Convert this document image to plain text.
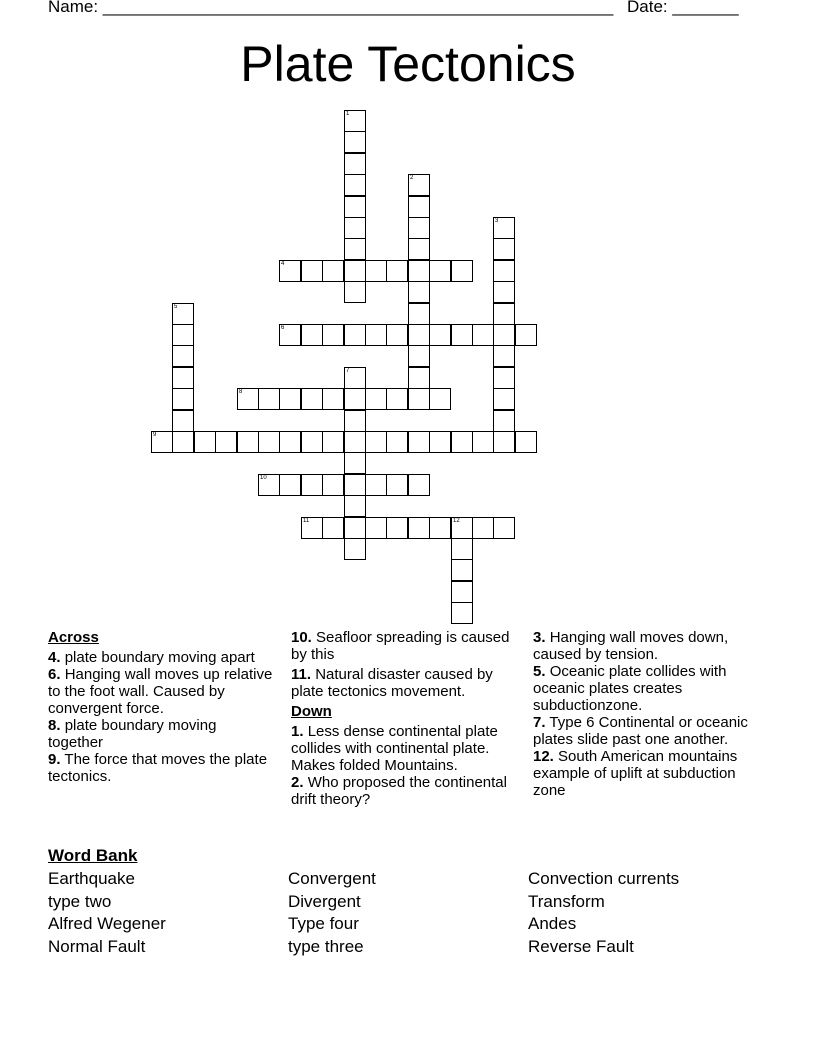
Name: ______________________________________________________ Date: _______
Plate Tectonics
1
2
3
4
5
6
7
8
9
10
11	12
Across
4. plate boundary moving apart
6. Hanging wall moves up relative to the foot wall. Caused by convergent force.
8. plate boundary moving together
9. The force that moves the plate tectonics.
10. Seafloor spreading is caused by this
11. Natural disaster caused by plate tectonics movement.
Down
1. Less dense continental plate collides with continental plate. Makes folded Mountains.
2. Who proposed the continental drift theory?
3. Hanging wall moves down, caused by tension.
5. Oceanic plate collides with oceanic plates creates subductionzone.
7. Type 6 Continental or oceanic plates slide past one another.
12. South American mountains example of uplift at subduction zone
Word Bank
Earthquake
type two
Alfred Wegener
Normal Fault
Convergent
Divergent
Type four
type three
Convection currents
Transform
Andes
Reverse Fault
